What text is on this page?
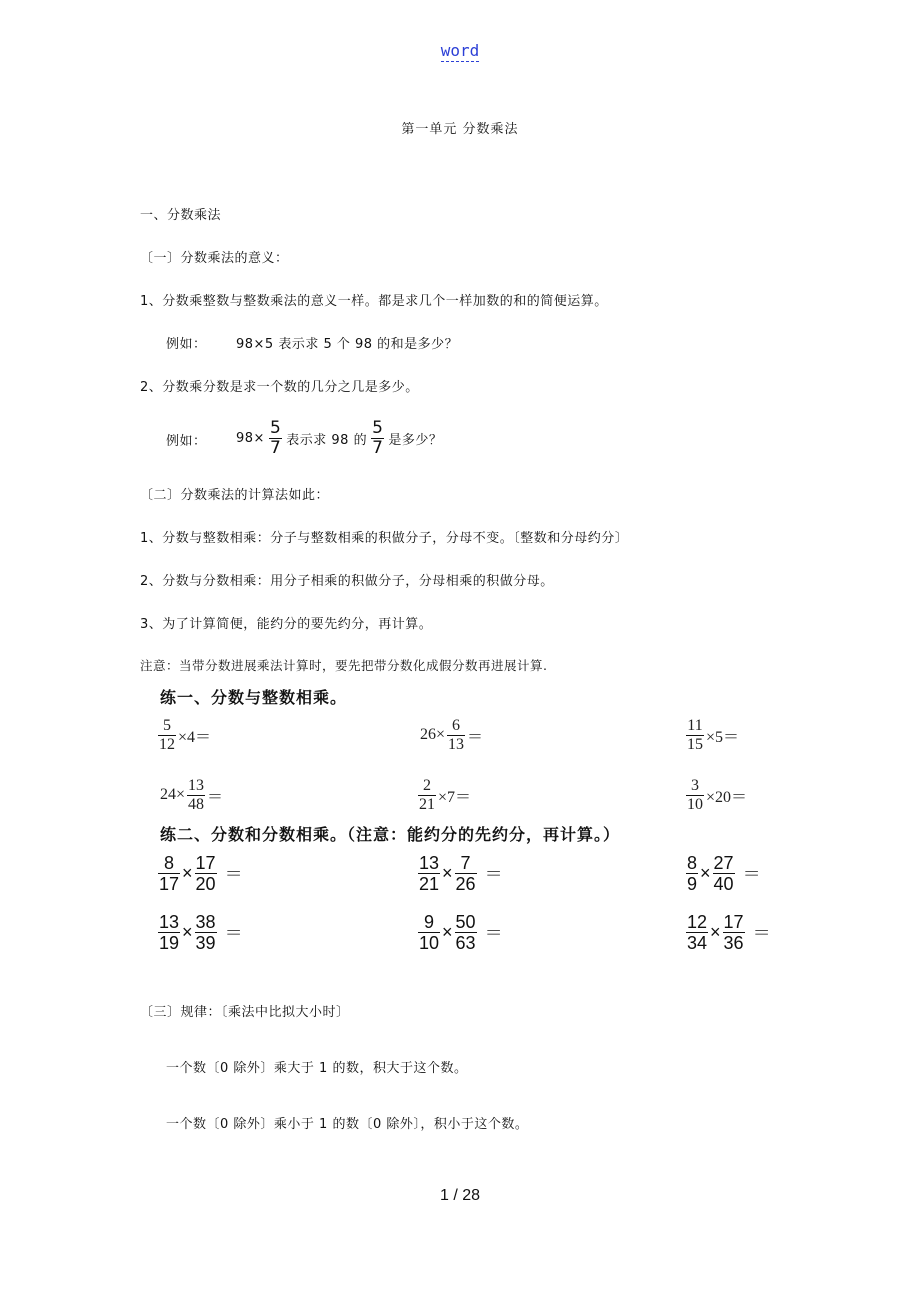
word
第一单元 分数乘法
一、分数乘法
〔一〕分数乘法的意义：
1、分数乘整数与整数乘法的意义一样。都是求几个一样加数的和的简便运算。
例如： 98×5 表示求 5 个 98 的和是多少？
2、分数乘分数是求一个数的几分之几是多少。
例如： $98\times \frac{5}{7}$ 表示求 98 的 $\frac{5}{7}$ 是多少？
〔二〕分数乘法的计算法如此：
1、分数与整数相乘：分子与整数相乘的积做分子，分母不变。〔整数和分母约分〕
2、分数与分数相乘：用分子相乘的积做分子，分母相乘的积做分母。
3、为了计算简便，能约分的要先约分，再计算。
注意：当带分数进展乘法计算时，要先把带分数化成假分数再进展计算.
练一、分数与整数相乘。
$\frac{5}{12} \times 4=$	$26\times \frac{6}{13}$ ＝	$\frac{11}{15} \times 5=$
$24\times \frac{13}{48}$ ＝	$\frac{2}{21} \times 7=$	$\frac{3}{10} \times 20=$
练二、分数和分数相乘。（注意：能约分的先约分，再计算。）
$\frac{8}{17} \times \frac{17}{20}$ ＝	$\frac{13}{21} \times \frac{7}{26}$ ＝	$\frac{8}{9} \times \frac{27}{40}$ ＝
$\frac{13}{19} \times \frac{38}{39}$ ＝	$\frac{9}{10} \times \frac{50}{63}$ ＝	$\frac{12}{34} \times \frac{17}{36}$ ＝
〔三〕规律：〔乘法中比拟大小时〕
一个数〔0 除外〕乘大于 1 的数，积大于这个数。
一个数〔0 除外〕乘小于 1 的数〔0 除外〕，积小于这个数。
1 / 28
